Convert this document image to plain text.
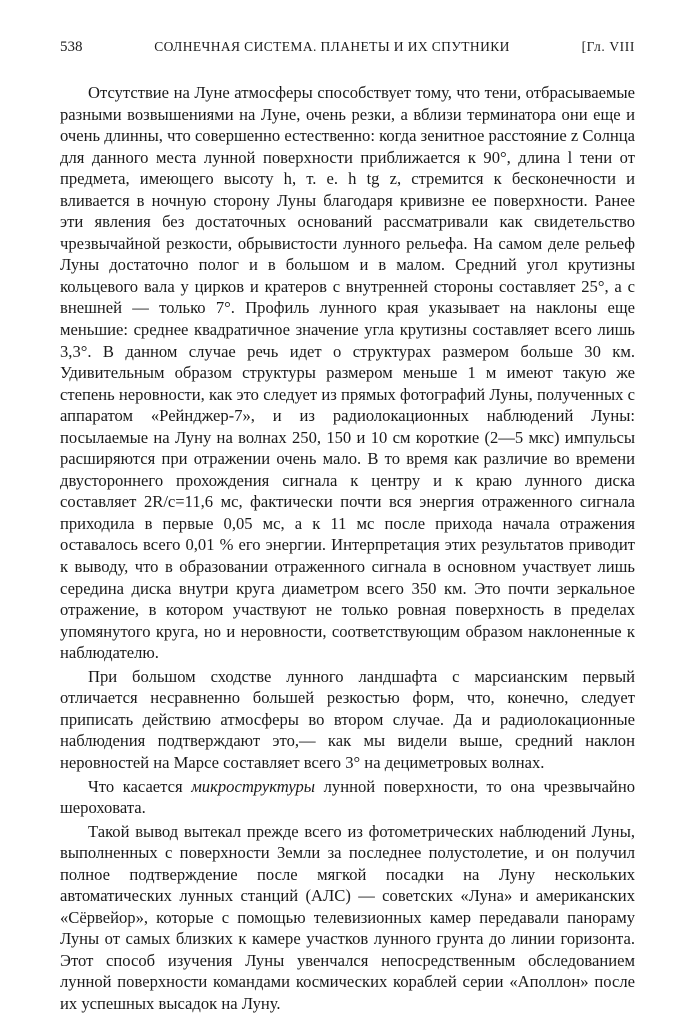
538	СОЛНЕЧНАЯ СИСТЕМА. ПЛАНЕТЫ И ИХ СПУТНИКИ	[Гл. VIII

Отсутствие на Луне атмосферы способствует тому, что тени, отбрасываемые разными возвышениями на Луне, очень резки, а вблизи терминатора они еще и очень длинны, что совершенно естественно: когда зенитное расстояние z Солнца для данного места лунной поверхности приближается к 90°, длина l тени от предмета, имеющего высоту h, т. е. h tg z, стремится к бесконечности и вливается в ночную сторону Луны благодаря кривизне ее поверхности. Ранее эти явления без достаточных оснований рассматривали как свидетельство чрезвычайной резкости, обрывистости лунного рельефа. На самом деле рельеф Луны достаточно полог и в большом и в малом. Средний угол крутизны кольцевого вала у цирков и кратеров с внутренней стороны составляет 25°, а с внешней — только 7°. Профиль лунного края указывает на наклоны еще меньшие: среднее квадратичное значение угла крутизны составляет всего лишь 3,3°. В данном случае речь идет о структурах размером больше 30 км. Удивительным образом структуры размером меньше 1 м имеют такую же степень неровности, как это следует из прямых фотографий Луны, полученных с аппаратом «Рейнджер-7», и из радиолокационных наблюдений Луны: посылаемые на Луну на волнах 250, 150 и 10 см короткие (2—5 мкс) импульсы расширяются при отражении очень мало. В то время как различие во времени двустороннего прохождения сигнала к центру и к краю лунного диска составляет 2R/c=11,6 мс, фактически почти вся энергия отраженного сигнала приходила в первые 0,05 мс, а к 11 мс после прихода начала отражения оставалось всего 0,01 % его энергии. Интерпретация этих результатов приводит к выводу, что в образовании отраженного сигнала в основном участвует лишь середина диска внутри круга диаметром всего 350 км. Это почти зеркальное отражение, в котором участвуют не только ровная поверхность в пределах упомянутого круга, но и неровности, соответствующим образом наклоненные к наблюдателю.

При большом сходстве лунного ландшафта с марсианским первый отличается несравненно большей резкостью форм, что, конечно, следует приписать действию атмосферы во втором случае. Да и радиолокационные наблюдения подтверждают это,— как мы видели выше, средний наклон неровностей на Марсе составляет всего 3° на дециметровых волнах.

Что касается микроструктуры лунной поверхности, то она чрезвычайно шероховата.

Такой вывод вытекал прежде всего из фотометрических наблюдений Луны, выполненных с поверхности Земли за последнее полустолетие, и он получил полное подтверждение после мягкой посадки на Луну нескольких автоматических лунных станций (АЛС) — советских «Луна» и американских «Сёрвейор», которые с помощью телевизионных камер передавали панораму Луны от самых близких к камере участков лунного грунта до линии горизонта. Этот способ изучения Луны увенчался непосредственным обследованием лунной поверхности командами космических кораблей серии «Аполлон» после их успешных высадок на Луну.
